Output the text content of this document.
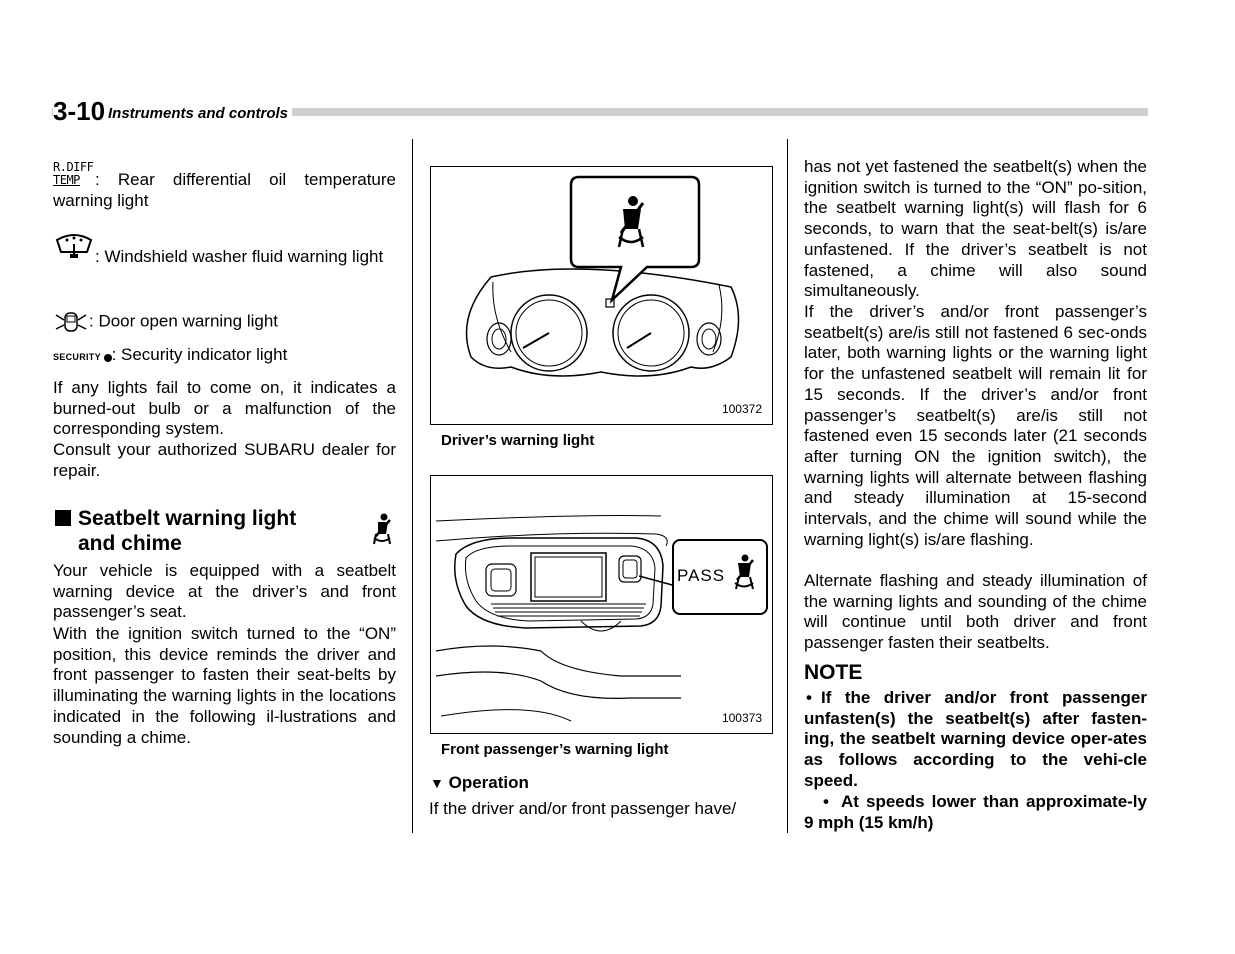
3-10 Instruments and controls
R.DIFF
TEMP : Rear differential oil temperature warning light

: Windshield washer fluid warning light

: Door open warning light
SECURITY : Security indicator light

If any lights fail to come on, it indicates a burned-out bulb or a malfunction of the corresponding system.

Consult your authorized SUBARU dealer for repair.

Seatbelt warning light
and chime

Your vehicle is equipped with a seatbelt warning device at the driver’s and front passenger’s seat.

With the ignition switch turned to the “ON” position, this device reminds the driver and front passenger to fasten their seat-belts by illuminating the warning lights in the locations indicated in the following il-lustrations and sounding a chime.

100372
Driver’s warning light
PASS
100373
Front passenger’s warning light
▼ Operation

If the driver and/or front passenger have/

has not yet fastened the seatbelt(s) when the ignition switch is turned to the “ON” po-sition, the seatbelt warning light(s) will flash for 6 seconds, to warn that the seat-belt(s) is/are unfastened. If the driver’s seatbelt is not fastened, a chime will also sound simultaneously.

If the driver’s and/or front passenger’s seatbelt(s) are/is still not fastened 6 sec-onds later, both warning lights or the warning light for the unfastened seatbelt will remain lit for 15 seconds. If the driver’s and/or front passenger’s seatbelt(s) are/is still not fastened even 15 seconds later (21 seconds after turning ON the ignition switch), the warning lights will alternate between flashing and steady illumination at 15-second intervals, and the chime will sound while the warning light(s) is/are flashing.

Alternate flashing and steady illumination of the warning lights and sounding of the chime will continue until both driver and front passenger fasten their seatbelts.

NOTE
• If the driver and/or front passenger unfasten(s) the seatbelt(s) after fasten-ing, the seatbelt warning device oper-ates as follows according to the vehi-cle speed.

• At speeds lower than approximate-ly 9 mph (15 km/h)
